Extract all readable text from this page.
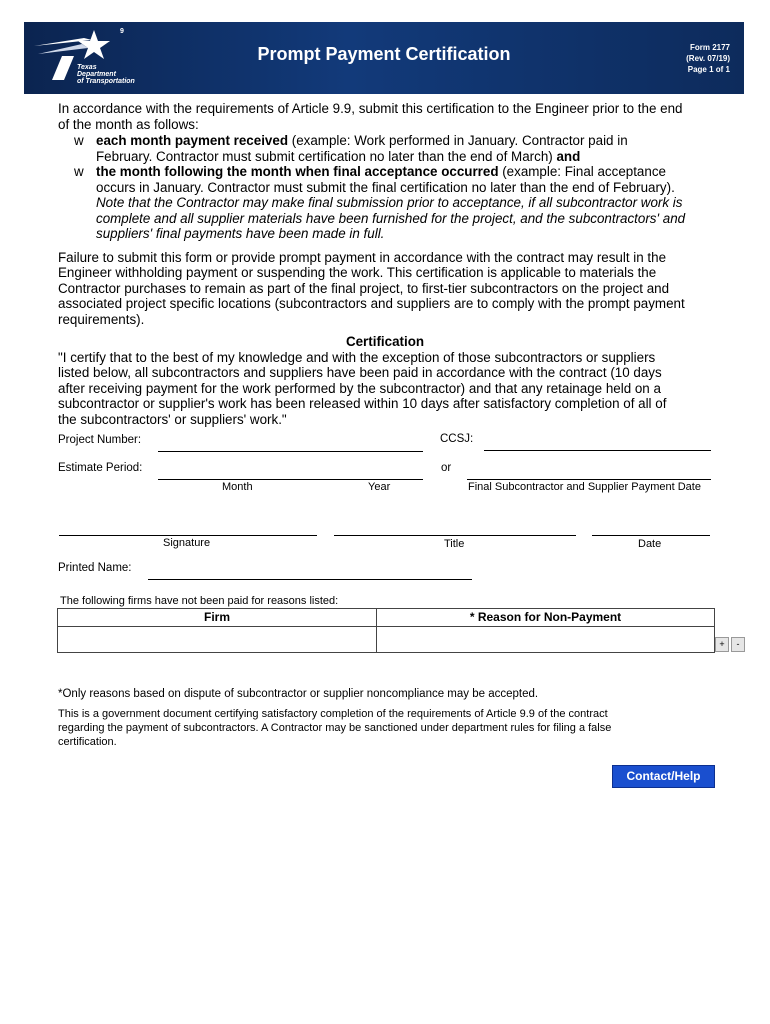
9
Texas
Department
of Transportation
Prompt Payment Certification	Form 2177
(Rev. 07/19)
Page 1 of 1
In accordance with the requirements of Article 9.9, submit this certification to the Engineer prior to the end
of the month as follows:
w each month payment received (example: Work performed in January. Contractor paid in
February. Contractor must submit certification no later than the end of March) and
w the month following the month when final acceptance occurred (example: Final acceptance
occurs in January. Contractor must submit the final certification no later than the end of February).
Note that the Contractor may make final submission prior to acceptance, if all subcontractor work is
complete and all supplier materials have been furnished for the project, and the subcontractors' and
suppliers' final payments have been made in full.
Failure to submit this form or provide prompt payment in accordance with the contract may result in the
Engineer withholding payment or suspending the work. This certification is applicable to materials the
Contractor purchases to remain as part of the final project, to first-tier subcontractors on the project and
associated project specific locations (subcontractors and suppliers are to comply with the prompt payment
requirements).
Certification
"I certify that to the best of my knowledge and with the exception of those subcontractors or suppliers
listed below, all subcontractors and suppliers have been paid in accordance with the contract (10 days
after receiving payment for the work performed by the subcontractor) and that any retainage held on a
subcontractor or supplier's work has been released within 10 days after satisfactory completion of all of
the subcontractors' or suppliers' work."
Project Number:	CCSJ:
Estimate Period:	or
Month	Year	Final Subcontractor and Supplier Payment Date
Signature	Title	Date
Printed Name:
The following firms have not been paid for reasons listed:
Firm	* Reason for Non-Payment
+	-
*Only reasons based on dispute of subcontractor or supplier noncompliance may be accepted.
This is a government document certifying satisfactory completion of the requirements of Article 9.9 of the contract
regarding the payment of subcontractors. A Contractor may be sanctioned under department rules for filing a false
certification.
Contact/Help
